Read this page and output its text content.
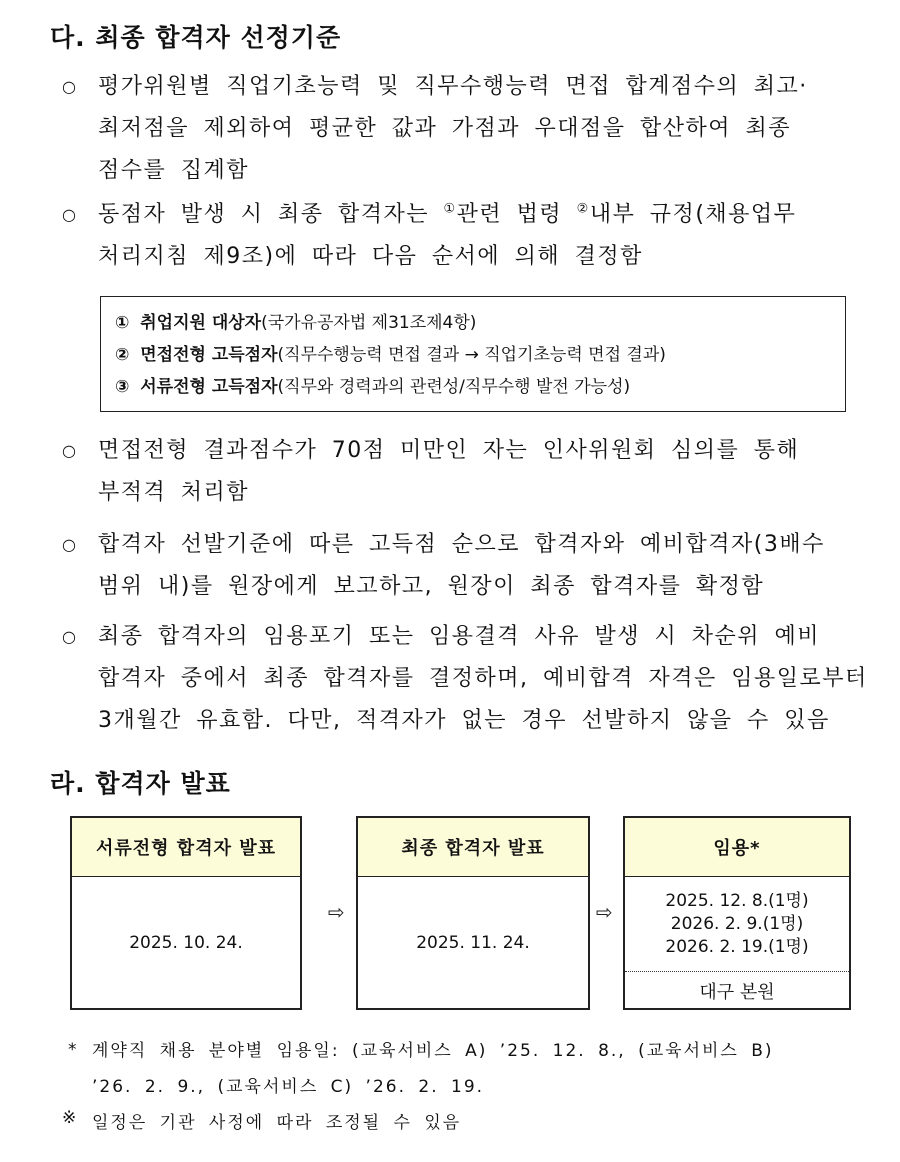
다. 최종 합격자 선정기준
○ 평가위원별 직업기초능력 및 직무수행능력 면접 합계점수의 최고·
최저점을 제외하여 평균한 값과 가점과 우대점을 합산하여 최종
점수를 집계함
○ 동점자 발생 시 최종 합격자는 ①관련 법령 ②내부 규정(채용업무
처리지침 제9조)에 따라 다음 순서에 의해 결정함
① 취업지원 대상자(국가유공자법 제31조제4항)
② 면접전형 고득점자(직무수행능력 면접 결과 → 직업기초능력 면접 결과)
③ 서류전형 고득점자(직무와 경력과의 관련성/직무수행 발전 가능성)
○ 면접전형 결과점수가 70점 미만인 자는 인사위원회 심의를 통해
부적격 처리함
○ 합격자 선발기준에 따른 고득점 순으로 합격자와 예비합격자(3배수
범위 내)를 원장에게 보고하고, 원장이 최종 합격자를 확정함
○ 최종 합격자의 임용포기 또는 임용결격 사유 발생 시 차순위 예비
합격자 중에서 최종 합격자를 결정하며, 예비합격 자격은 임용일로부터
3개월간 유효함. 다만, 적격자가 없는 경우 선발하지 않을 수 있음
라. 합격자 발표
서류전형 합격자 발표
2025. 10. 24.
⇨
최종 합격자 발표
2025. 11. 24.
⇨
임용*
2025. 12. 8.(1명)
2026. 2. 9.(1명)
2026. 2. 19.(1명)
대구 본원
* 계약직 채용 분야별 임용일: (교육서비스 A) ’25. 12. 8., (교육서비스 B)
’26. 2. 9., (교육서비스 C) ’26. 2. 19.
※ 일정은 기관 사정에 따라 조정될 수 있음
